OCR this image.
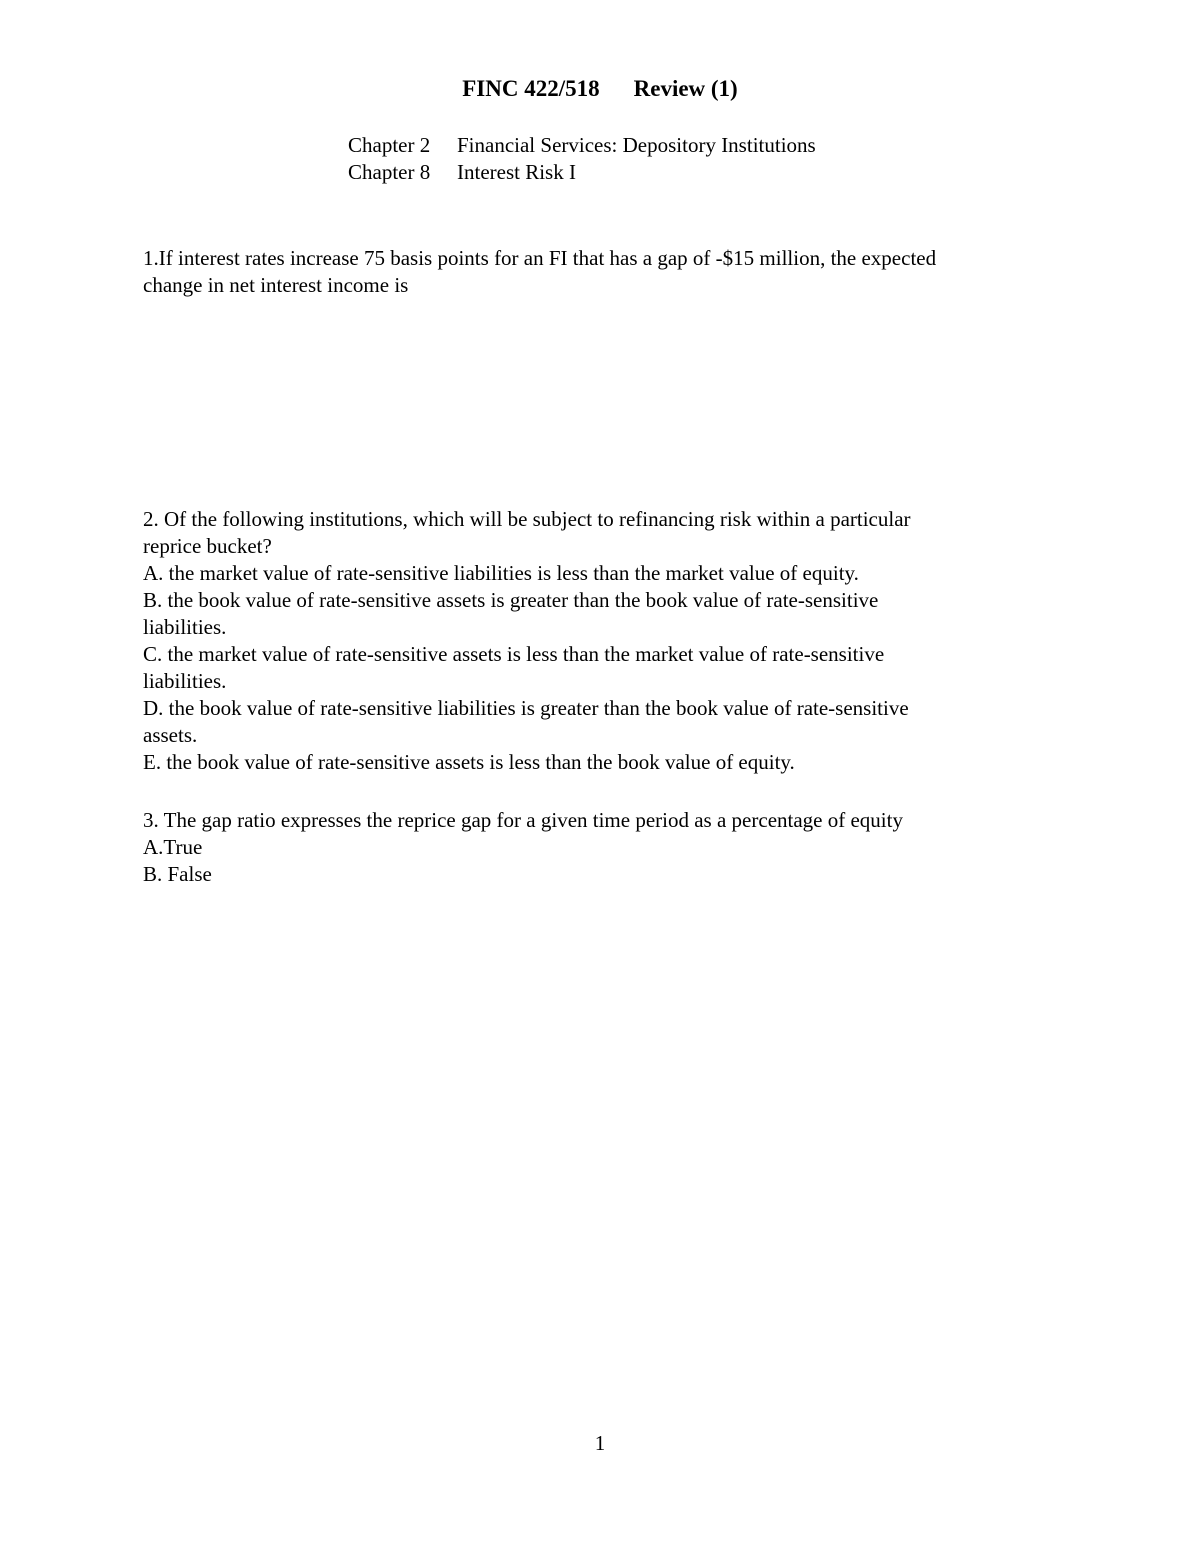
FINC 422/518 Review (1)
Chapter 2	Financial Services: Depository Institutions
Chapter 8	Interest Risk I
1.If interest rates increase 75 basis points for an FI that has a gap of -$15 million, the expected
change in net interest income is
2. Of the following institutions, which will be subject to refinancing risk within a particular
reprice bucket?
A. the market value of rate-sensitive liabilities is less than the market value of equity.
B. the book value of rate-sensitive assets is greater than the book value of rate-sensitive
liabilities.
C. the market value of rate-sensitive assets is less than the market value of rate-sensitive
liabilities.
D. the book value of rate-sensitive liabilities is greater than the book value of rate-sensitive
assets.
E. the book value of rate-sensitive assets is less than the book value of equity.
3. The gap ratio expresses the reprice gap for a given time period as a percentage of equity
A.True
B. False
1
